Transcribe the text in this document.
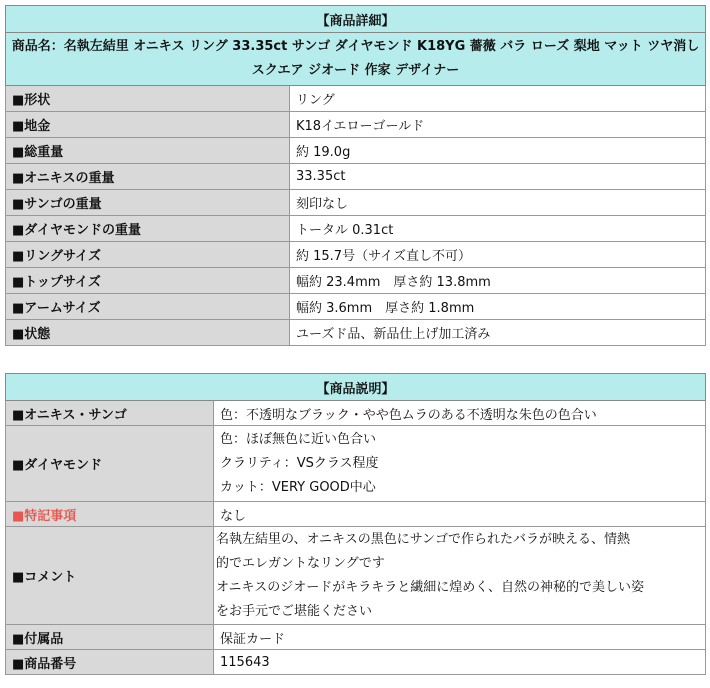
【商品詳細】	
商品名：名執左結里 オニキス リング 33.35ct サンゴ ダイヤモンド K18YG 薔薇 バラ ローズ 梨地 マット ツヤ消し スクエア ジオード 作家 デザイナー	
■形状	リング
■地金	K18イエローゴールド
■総重量	約 19.0g
■オニキスの重量	33.35ct
■サンゴの重量	刻印なし
■ダイヤモンドの重量	トータル 0.31ct
■リングサイズ	約 15.7号（サイズ直し不可）
■トップサイズ	幅約 23.4mm　厚さ約 13.8mm
■アームサイズ	幅約 3.6mm　厚さ約 1.8mm
■状態	ユーズド品、新品仕上げ加工済み
【商品説明】	
■オニキス・サンゴ	色：不透明なブラック・やや色ムラのある不透明な朱色の色合い
■ダイヤモンド	色：ほぼ無色に近い色合い
クラリティ：VSクラス程度
カット：VERY GOOD中心

■特記事項	なし
■コメント	名執左結里の、オニキスの黒色にサンゴで作られたバラが映える、情熱
的でエレガントなリングです
オニキスのジオードがキラキラと繊細に煌めく、自然の神秘的で美しい姿
をお手元でご堪能ください

■付属品	保証カード
■商品番号	115643
